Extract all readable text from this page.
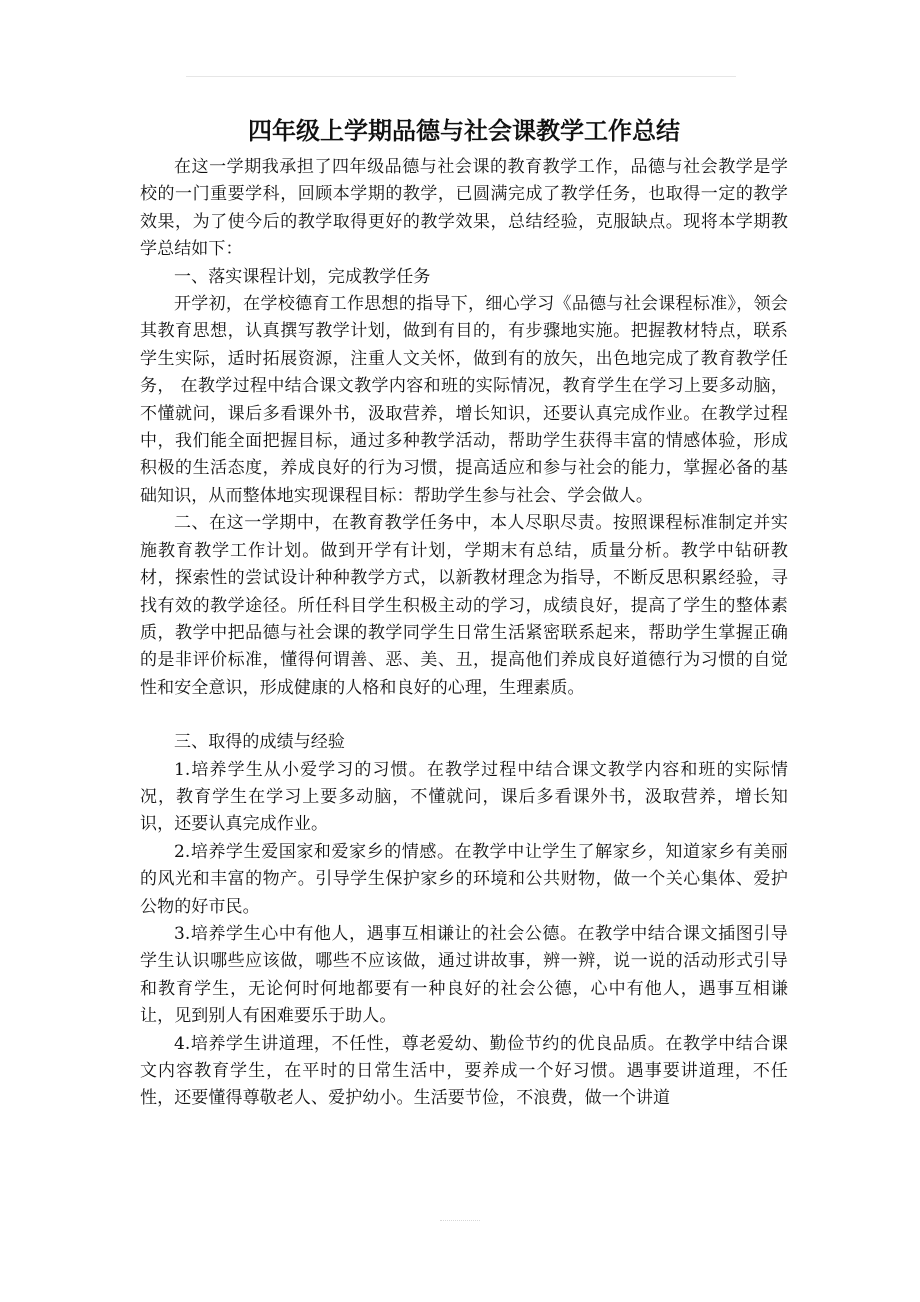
四年级上学期品德与社会课教学工作总结

在这一学期我承担了四年级品德与社会课的教育教学工作，品德与社会教学是学校的一门重要学科，回顾本学期的教学，已圆满完成了教学任务，也取得一定的教学效果，为了使今后的教学取得更好的教学效果，总结经验，克服缺点。现将本学期教学总结如下：

一、落实课程计划，完成教学任务

开学初，在学校德育工作思想的指导下，细心学习《品德与社会课程标准》，领会其教育思想，认真撰写教学计划，做到有目的，有步骤地实施。把握教材特点，联系学生实际，适时拓展资源，注重人文关怀，做到有的放矢，出色地完成了教育教学任务， 在教学过程中结合课文教学内容和班的实际情况，教育学生在学习上要多动脑，不懂就问，课后多看课外书，汲取营养，增长知识，还要认真完成作业。在教学过程中，我们能全面把握目标，通过多种教学活动，帮助学生获得丰富的情感体验，形成积极的生活态度，养成良好的行为习惯，提高适应和参与社会的能力，掌握必备的基础知识，从而整体地实现课程目标：帮助学生参与社会、学会做人。

二、在这一学期中，在教育教学任务中，本人尽职尽责。按照课程标准制定并实施教育教学工作计划。做到开学有计划，学期末有总结，质量分析。教学中钻研教材，探索性的尝试设计种种教学方式，以新教材理念为指导，不断反思积累经验，寻找有效的教学途径。所任科目学生积极主动的学习，成绩良好，提高了学生的整体素质，教学中把品德与社会课的教学同学生日常生活紧密联系起来，帮助学生掌握正确的是非评价标准，懂得何谓善、恶、美、丑，提高他们养成良好道德行为习惯的自觉性和安全意识，形成健康的人格和良好的心理，生理素质。

三、取得的成绩与经验

1.培养学生从小爱学习的习惯。在教学过程中结合课文教学内容和班的实际情况，教育学生在学习上要多动脑，不懂就问，课后多看课外书，汲取营养，增长知识，还要认真完成作业。

2.培养学生爱国家和爱家乡的情感。在教学中让学生了解家乡，知道家乡有美丽的风光和丰富的物产。引导学生保护家乡的环境和公共财物，做一个关心集体、爱护公物的好市民。

3.培养学生心中有他人，遇事互相谦让的社会公德。在教学中结合课文插图引导学生认识哪些应该做，哪些不应该做，通过讲故事，辨一辨，说一说的活动形式引导和教育学生，无论何时何地都要有一种良好的社会公德，心中有他人，遇事互相谦让，见到别人有困难要乐于助人。

4.培养学生讲道理，不任性，尊老爱幼、勤俭节约的优良品质。在教学中结合课文内容教育学生，在平时的日常生活中，要养成一个好习惯。遇事要讲道理，不任性，还要懂得尊敬老人、爱护幼小。生活要节俭，不浪费，做一个讲道
